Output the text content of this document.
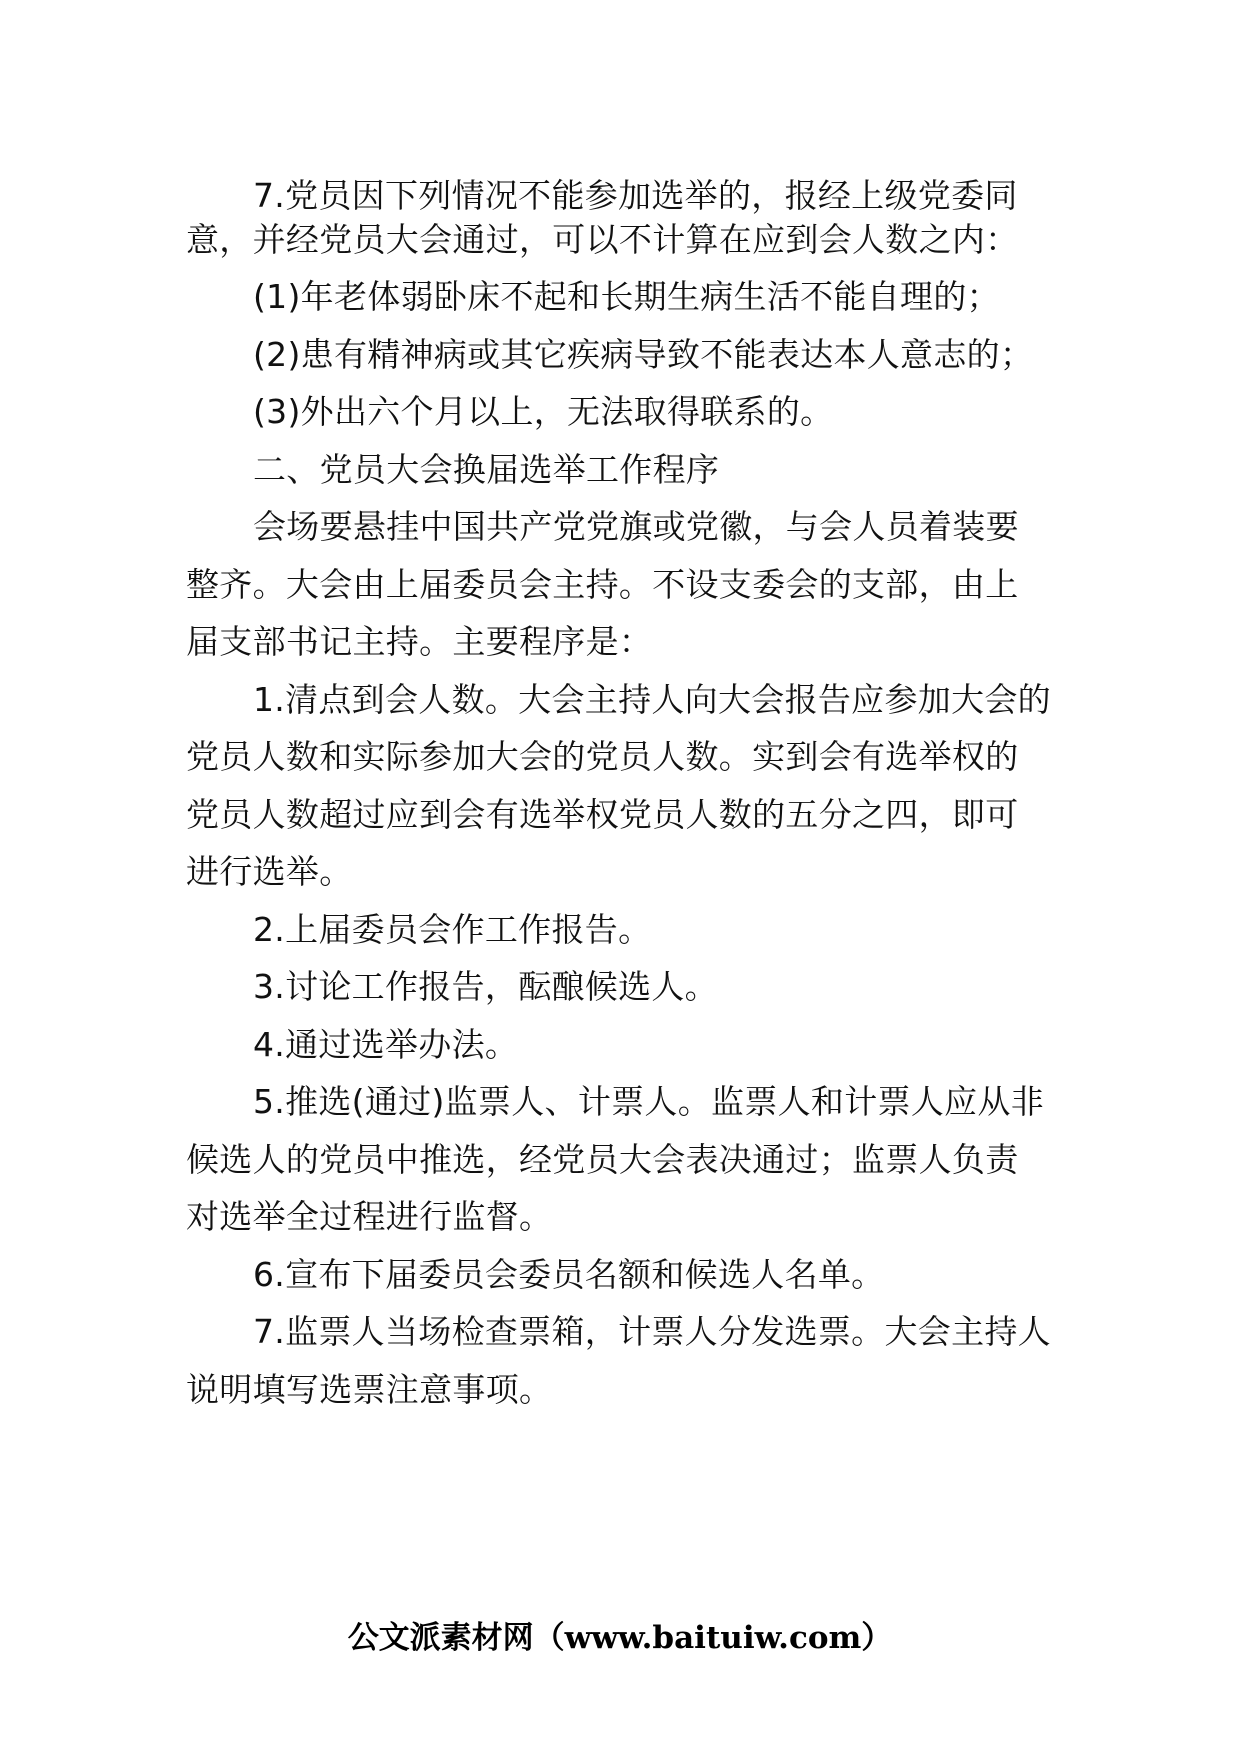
7.党员因下列情况不能参加选举的，报经上级党委同
意，并经党员大会通过，可以不计算在应到会人数之内：
(1)年老体弱卧床不起和长期生病生活不能自理的；
(2)患有精神病或其它疾病导致不能表达本人意志的；
(3)外出六个月以上，无法取得联系的。
二、党员大会换届选举工作程序
会场要悬挂中国共产党党旗或党徽，与会人员着装要
整齐。大会由上届委员会主持。不设支委会的支部，由上
届支部书记主持。主要程序是：
1.清点到会人数。大会主持人向大会报告应参加大会的
党员人数和实际参加大会的党员人数。实到会有选举权的
党员人数超过应到会有选举权党员人数的五分之四，即可
进行选举。
2.上届委员会作工作报告。
3.讨论工作报告，酝酿候选人。
4.通过选举办法。
5.推选(通过)监票人、计票人。监票人和计票人应从非
候选人的党员中推选，经党员大会表决通过；监票人负责
对选举全过程进行监督。
6.宣布下届委员会委员名额和候选人名单。
7.监票人当场检查票箱，计票人分发选票。大会主持人
说明填写选票注意事项。
公文派素材网（www.baituiw.com）
